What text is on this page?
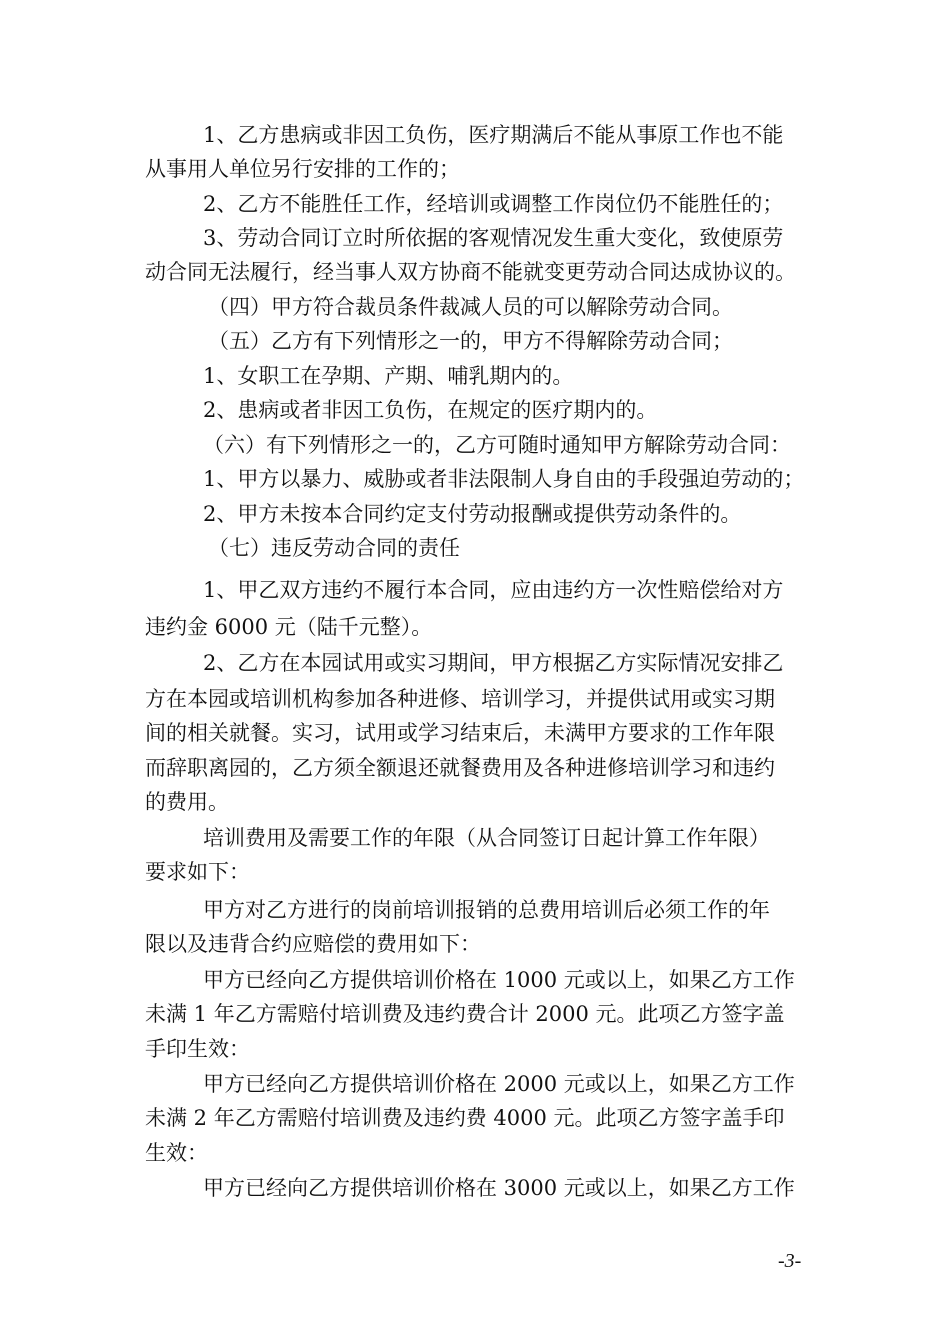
1、乙方患病或非因工负伤，医疗期满后不能从事原工作也不能
从事用人单位另行安排的工作的；
2、乙方不能胜任工作，经培训或调整工作岗位仍不能胜任的；
3、劳动合同订立时所依据的客观情况发生重大变化，致使原劳
动合同无法履行，经当事人双方协商不能就变更劳动合同达成协议的。
（四）甲方符合裁员条件裁减人员的可以解除劳动合同。
（五）乙方有下列情形之一的，甲方不得解除劳动合同；
1、女职工在孕期、产期、哺乳期内的。
2、患病或者非因工负伤，在规定的医疗期内的。
（六）有下列情形之一的，乙方可随时通知甲方解除劳动合同：
1、甲方以暴力、威胁或者非法限制人身自由的手段强迫劳动的；
2、甲方未按本合同约定支付劳动报酬或提供劳动条件的。
（七）违反劳动合同的责任
1、甲乙双方违约不履行本合同，应由违约方一次性赔偿给对方
违约金 6000 元（陆千元整）。
2、乙方在本园试用或实习期间，甲方根据乙方实际情况安排乙
方在本园或培训机构参加各种进修、培训学习，并提供试用或实习期
间的相关就餐。实习，试用或学习结束后，未满甲方要求的工作年限
而辞职离园的，乙方须全额退还就餐费用及各种进修培训学习和违约
的费用。
培训费用及需要工作的年限（从合同签订日起计算工作年限）
要求如下：
甲方对乙方进行的岗前培训报销的总费用培训后必须工作的年
限以及违背合约应赔偿的费用如下：
甲方已经向乙方提供培训价格在 1000 元或以上，如果乙方工作
未满 1 年乙方需赔付培训费及违约费合计 2000 元。此项乙方签字盖
手印生效：
甲方已经向乙方提供培训价格在 2000 元或以上，如果乙方工作
未满 2 年乙方需赔付培训费及违约费 4000 元。此项乙方签字盖手印
生效：
甲方已经向乙方提供培训价格在 3000 元或以上，如果乙方工作
-3-
